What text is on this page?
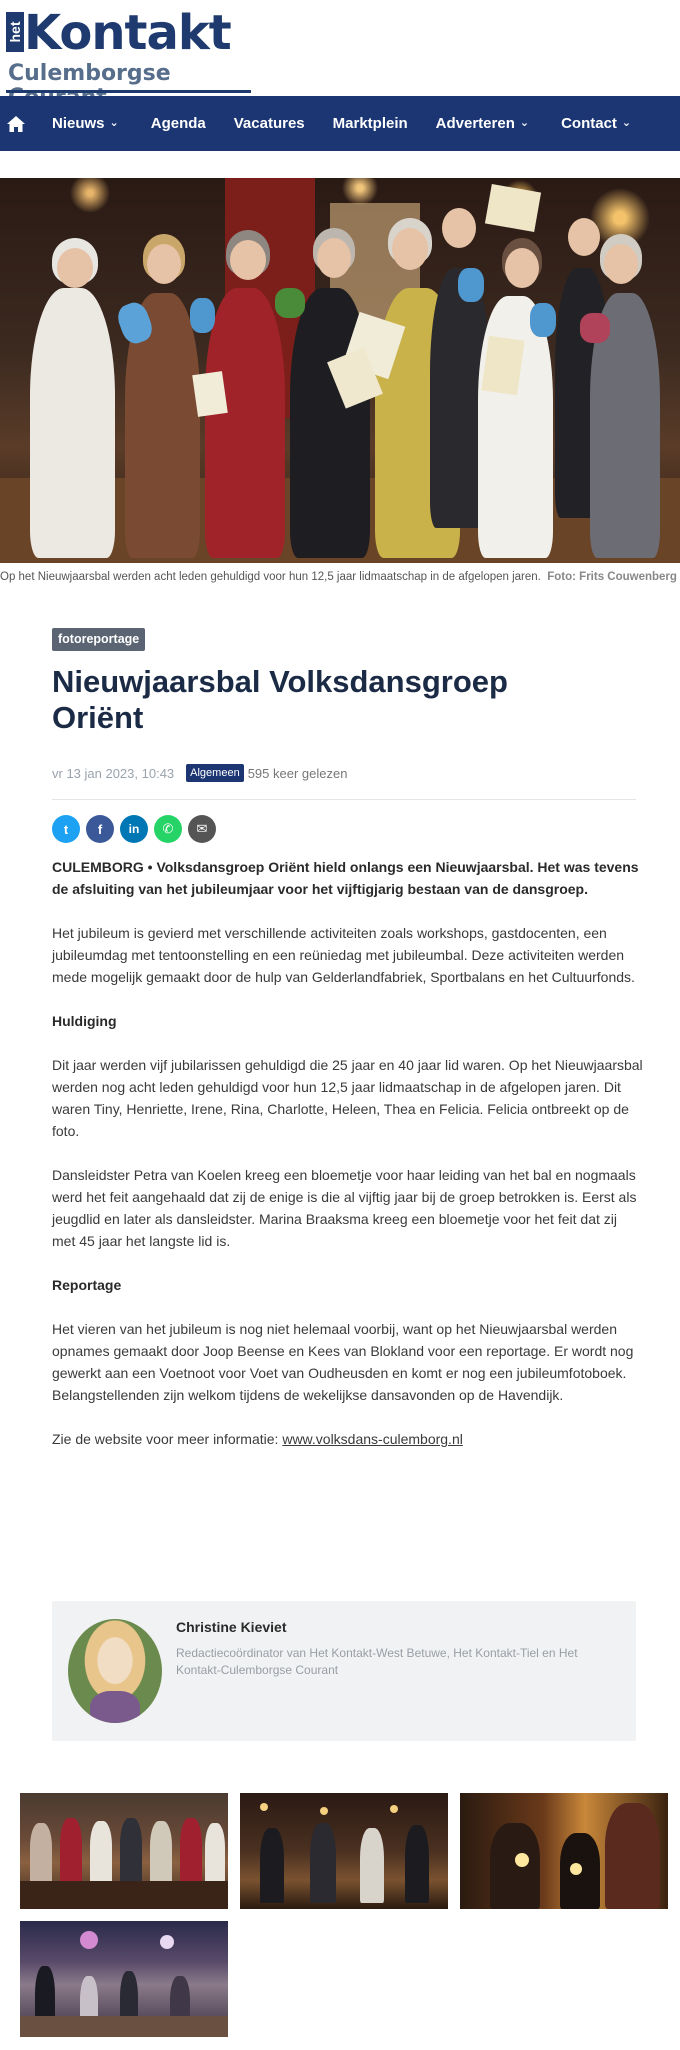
het Kontakt
Culemborgse
Nieuws ⌄ Agenda Vacatures Marktplein Adverteren ⌄ Contact ⌄
Op het Nieuwjaarsbal werden acht leden gehuldigd voor hun 12,5 jaar lidmaatschap in de afgelopen jaren. Foto: Frits Couwenberg
fotoreportage
Nieuwjaarsbal Volksdansgroep Oriënt
vr 13 jan 2023, 10:43	Algemeen 595 keer gelezen
t	f	in	✆	✉

CULEMBORG • Volksdansgroep Oriënt hield onlangs een Nieuwjaarsbal. Het was tevens de afsluiting van het jubileumjaar voor het vijftigjarig bestaan van de dansgroep.

Het jubileum is gevierd met verschillende activiteiten zoals workshops, gastdocenten, een jubileumdag met tentoonstelling en een reüniedag met jubileumbal. Deze activiteiten werden mede mogelijk gemaakt door de hulp van Gelderlandfabriek, Sportbalans en het Cultuurfonds.

Huldiging

Dit jaar werden vijf jubilarissen gehuldigd die 25 jaar en 40 jaar lid waren. Op het Nieuwjaarsbal werden nog acht leden gehuldigd voor hun 12,5 jaar lidmaatschap in de afgelopen jaren. Dit waren Tiny, Henriette, Irene, Rina, Charlotte, Heleen, Thea en Felicia. Felicia ontbreekt op de foto.

Dansleidster Petra van Koelen kreeg een bloemetje voor haar leiding van het bal en nogmaals werd het feit aangehaald dat zij de enige is die al vijftig jaar bij de groep betrokken is. Eerst als jeugdlid en later als dansleidster. Marina Braaksma kreeg een bloemetje voor het feit dat zij met 45 jaar het langste lid is.

Reportage

Het vieren van het jubileum is nog niet helemaal voorbij, want op het Nieuwjaarsbal werden opnames gemaakt door Joop Beense en Kees van Blokland voor een reportage. Er wordt nog gewerkt aan een Voetnoot voor Voet van Oudheusden en komt er nog een jubileumfotoboek. Belangstellenden zijn welkom tijdens de wekelijkse dansavonden op de Havendijk.

Zie de website voor meer informatie: www.volksdans-culemborg.nl

Christine Kieviet
Redactiecoördinator van Het Kontakt-West Betuwe, Het Kontakt-Tiel en Het Kontakt-Culemborgse Courant
